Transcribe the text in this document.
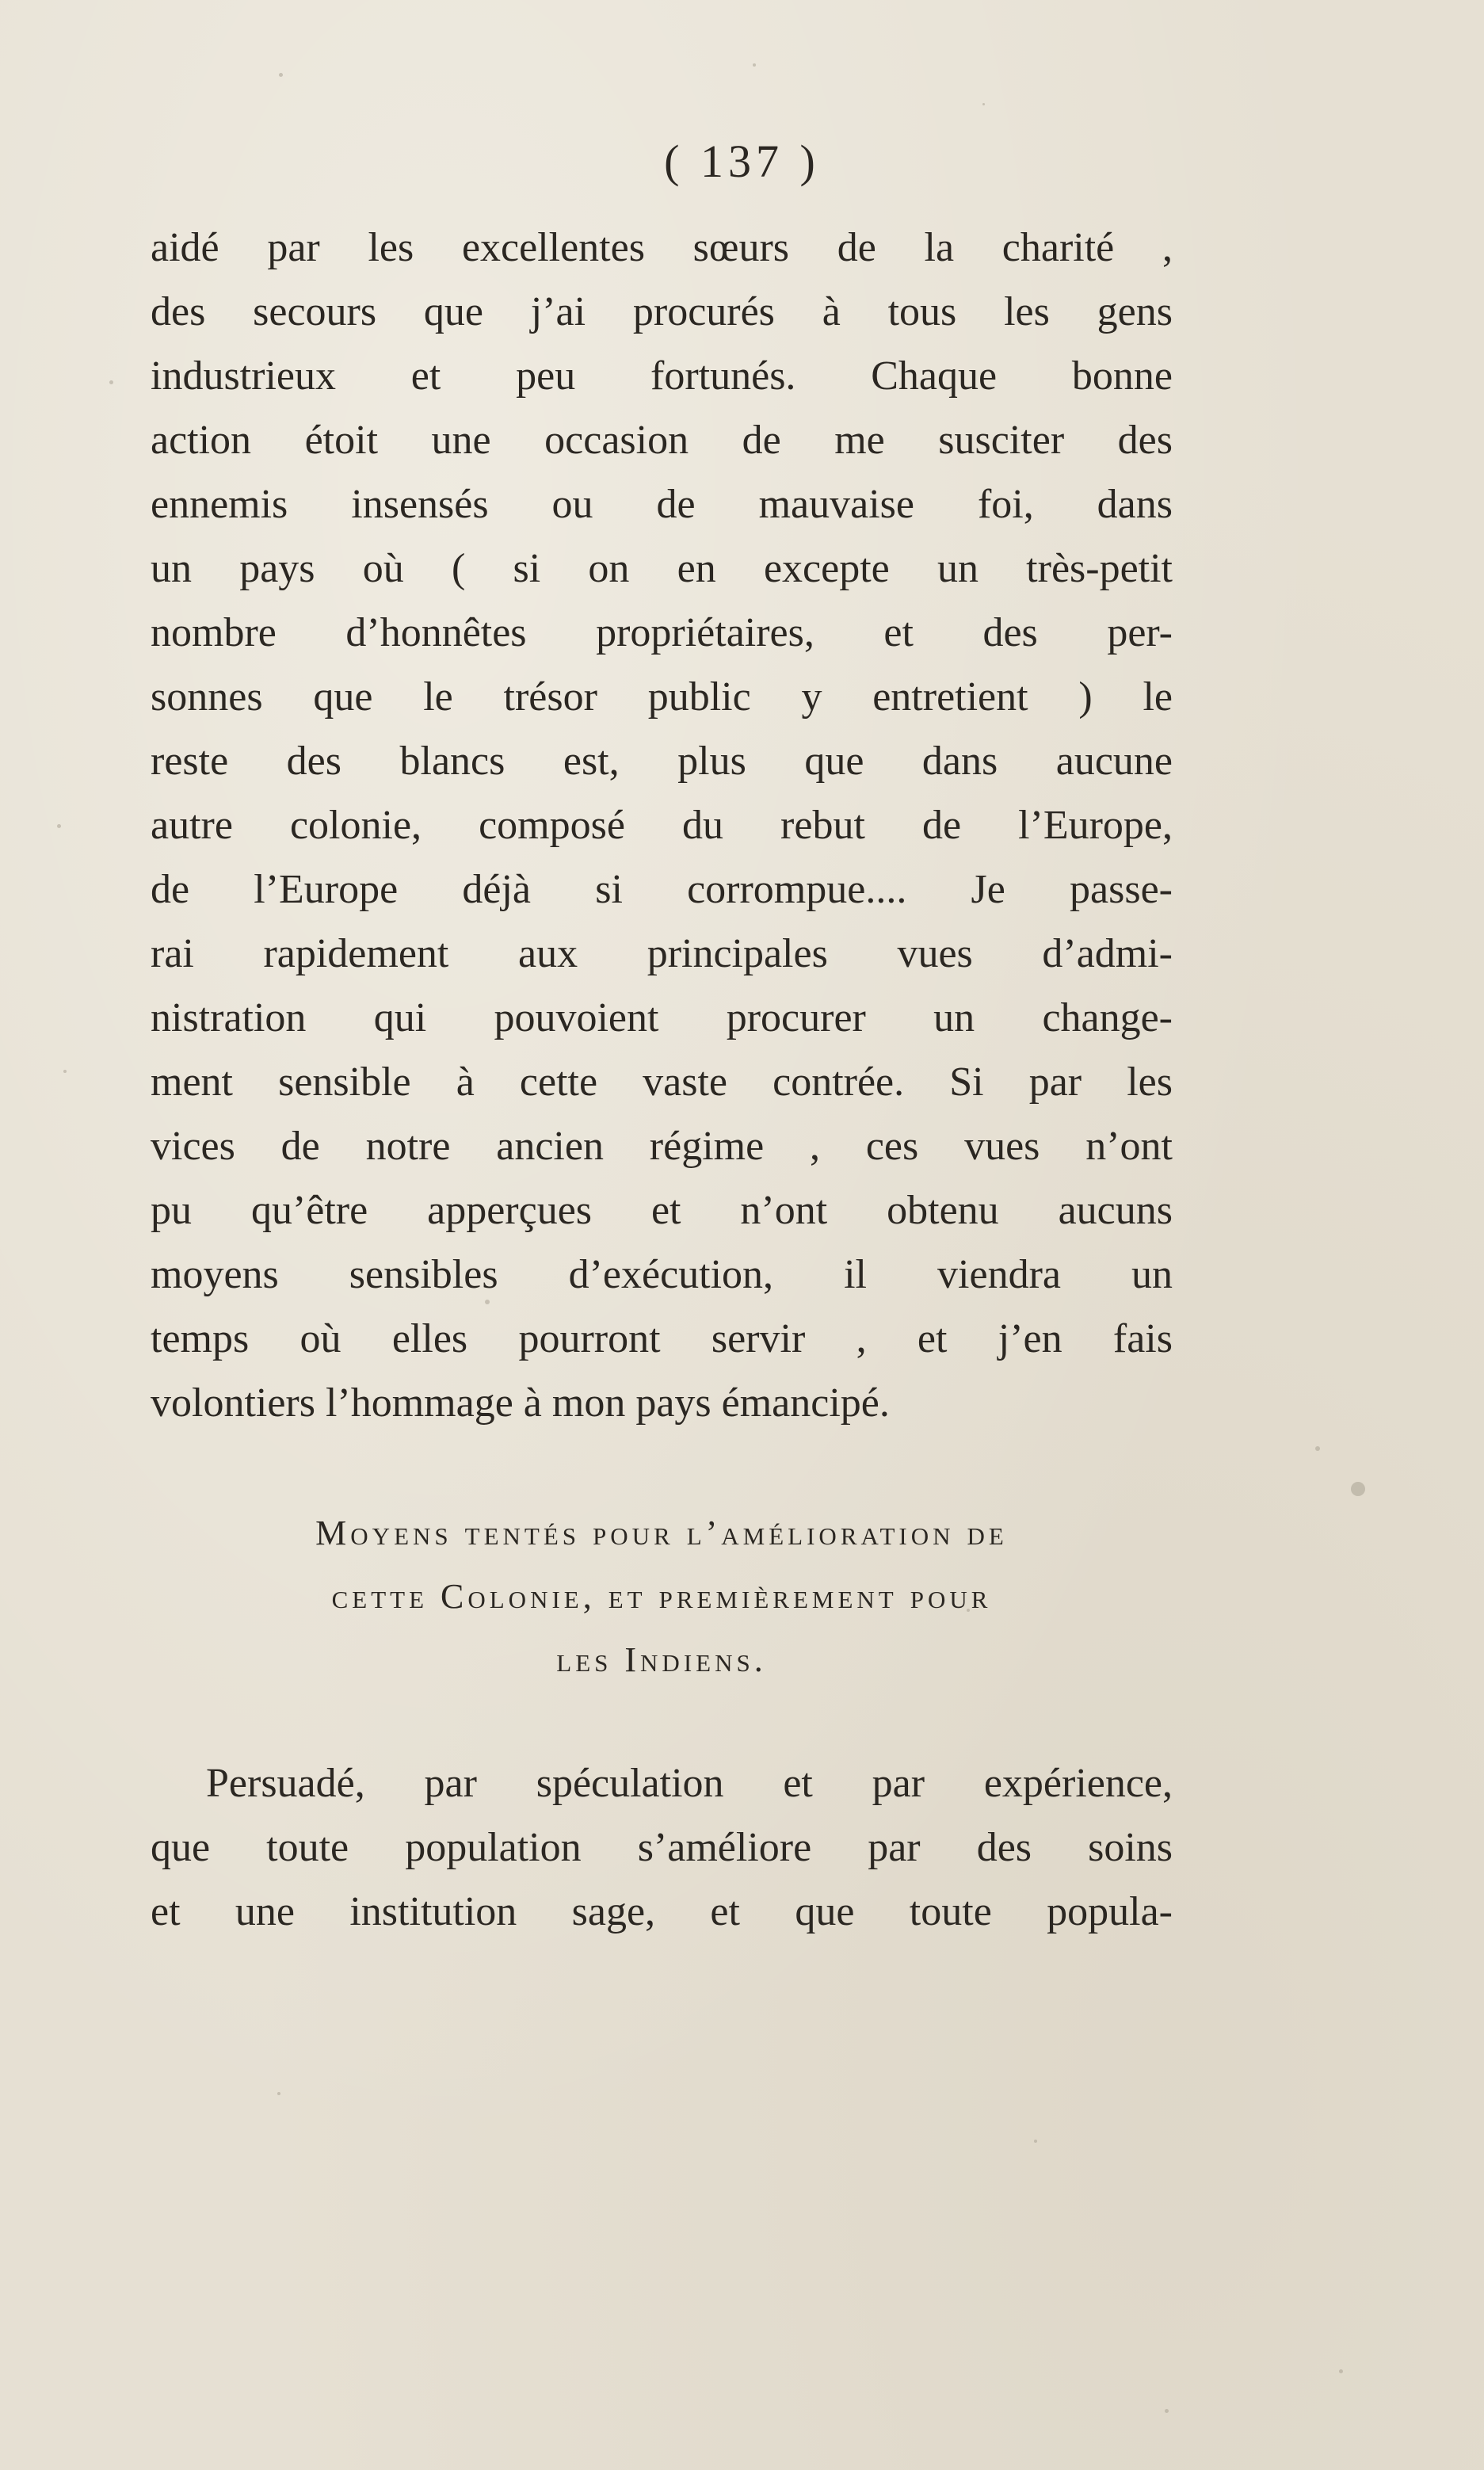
( 137 )
aidé par les excellentes sœurs de la charité ,
des secours que j’ai procurés à tous les gens
industrieux et peu fortunés. Chaque bonne
action étoit une occasion de me susciter des
ennemis insensés ou de mauvaise foi, dans
un pays où ( si on en excepte un très-petit
nombre d’honnêtes propriétaires, et des per-
sonnes que le trésor public y entretient ) le
reste des blancs est, plus que dans aucune
autre colonie, composé du rebut de l’Europe,
de l’Europe déjà si corrompue.... Je passe-
rai rapidement aux principales vues d’admi-
nistration qui pouvoient procurer un change-
ment sensible à cette vaste contrée. Si par les
vices de notre ancien régime , ces vues n’ont
pu qu’être apperçues et n’ont obtenu aucuns
moyens sensibles d’exécution, il viendra un
temps où elles pourront servir , et j’en fais
volontiers l’hommage à mon pays émancipé.
Moyens tentés pour l’amélioration de
cette Colonie, et premièrement pour
les Indiens.
Persuadé, par spéculation et par expérience,
que toute population s’améliore par des soins
et une institution sage, et que toute popula-
